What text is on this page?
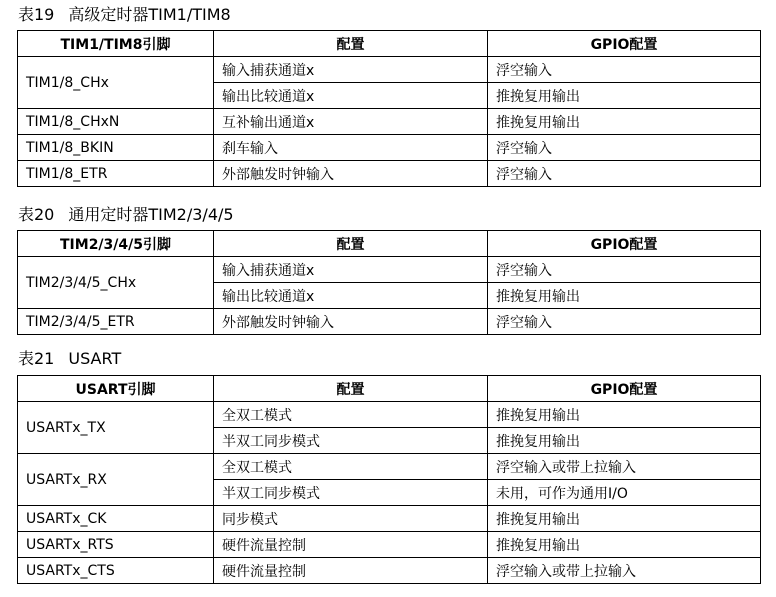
表19 高级定时器TIM1/TIM8
TIM1/TIM8引脚	配置	GPIO配置
TIM1/8_CHx	输入捕获通道x	浮空输入
	输出比较通道x	推挽复用输出
TIM1/8_CHxN	互补输出通道x	推挽复用输出
TIM1/8_BKIN	刹车输入	浮空输入
TIM1/8_ETR	外部触发时钟输入	浮空输入
表20 通用定时器TIM2/3/4/5
TIM2/3/4/5引脚	配置	GPIO配置
TIM2/3/4/5_CHx	输入捕获通道x	浮空输入
	输出比较通道x	推挽复用输出
TIM2/3/4/5_ETR	外部触发时钟输入	浮空输入
表21 USART
USART引脚	配置	GPIO配置
USARTx_TX	全双工模式	推挽复用输出
	半双工同步模式	推挽复用输出
USARTx_RX	全双工模式	浮空输入或带上拉输入
	半双工同步模式	未用，可作为通用I/O
USARTx_CK	同步模式	推挽复用输出
USARTx_RTS	硬件流量控制	推挽复用输出
USARTx_CTS	硬件流量控制	浮空输入或带上拉输入
